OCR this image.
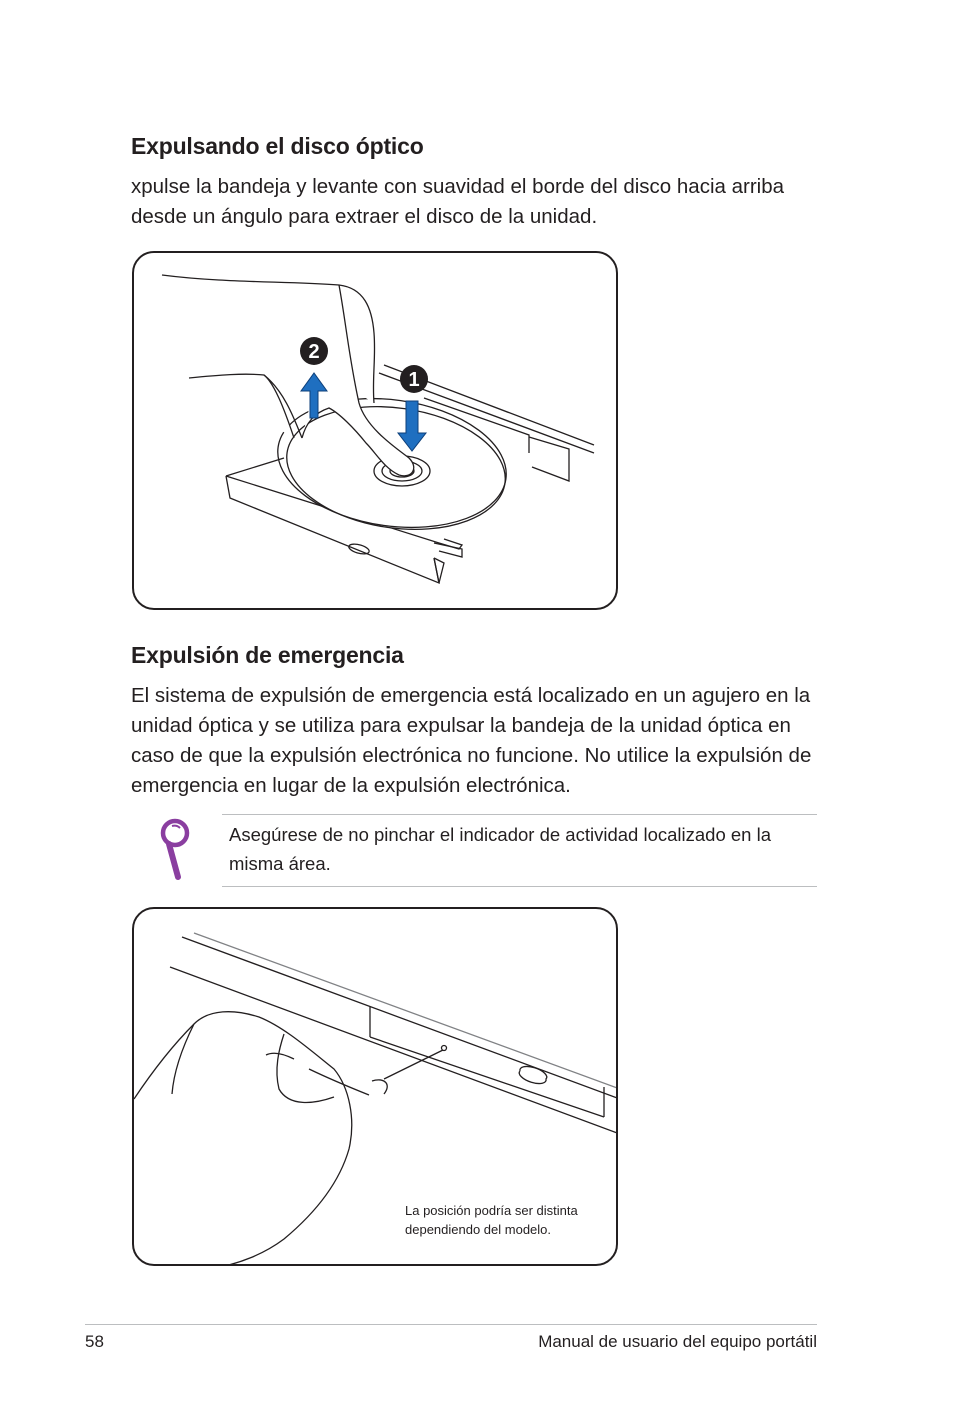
Expulsando el disco óptico

xpulse la bandeja y levante con suavidad el borde del disco hacia arriba desde un ángulo para extraer el disco de la unidad.

2
1
Expulsión de emergencia

El sistema de expulsión de emergencia está localizado en un agujero en la unidad óptica y se utiliza para expulsar la bandeja de la unidad óptica en caso de que la expulsión electrónica no funcione. No utilice la expulsión de emergencia en lugar de la expulsión electrónica.

Asegúrese de no pinchar el indicador de actividad localizado en la misma área.

La posición podría ser distinta dependiendo del modelo.

58	Manual de usuario del equipo portátil
